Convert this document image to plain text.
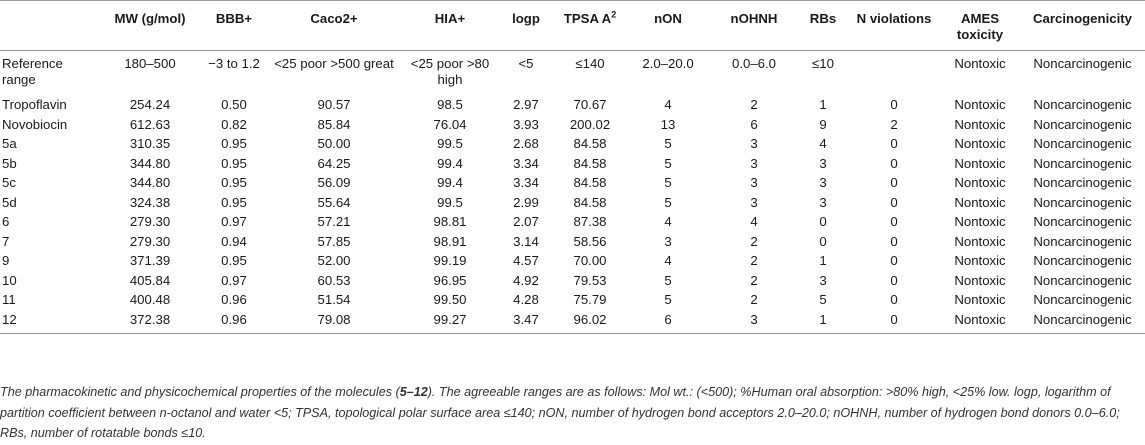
	MW (g/mol)	BBB+	Caco2+	HIA+	logp	TPSA $A^2$	nON	nOHNH	RBs	N violations	AMES toxicity	Carcinogenicity
Reference range	180–500	−3 to 1.2	<25 poor >500 great	<25 poor >80 high	<5	≤140	2.0–20.0	0.0–6.0	≤10		Nontoxic	Noncarcinogenic
Tropoflavin	254.24	0.50	90.57	98.5	2.97	70.67	4	2	1	0	Nontoxic	Noncarcinogenic
Novobiocin	612.63	0.82	85.84	76.04	3.93	200.02	13	6	9	2	Nontoxic	Noncarcinogenic
5a	310.35	0.95	50.00	99.5	2.68	84.58	5	3	4	0	Nontoxic	Noncarcinogenic
5b	344.80	0.95	64.25	99.4	3.34	84.58	5	3	3	0	Nontoxic	Noncarcinogenic
5c	344.80	0.95	56.09	99.4	3.34	84.58	5	3	3	0	Nontoxic	Noncarcinogenic
5d	324.38	0.95	55.64	99.5	2.99	84.58	5	3	3	0	Nontoxic	Noncarcinogenic
6	279.30	0.97	57.21	98.81	2.07	87.38	4	4	0	0	Nontoxic	Noncarcinogenic
7	279.30	0.94	57.85	98.91	3.14	58.56	3	2	0	0	Nontoxic	Noncarcinogenic
9	371.39	0.95	52.00	99.19	4.57	70.00	4	2	1	0	Nontoxic	Noncarcinogenic
10	405.84	0.97	60.53	96.95	4.92	79.53	5	2	3	0	Nontoxic	Noncarcinogenic
11	400.48	0.96	51.54	99.50	4.28	75.79	5	2	5	0	Nontoxic	Noncarcinogenic
12	372.38	0.96	79.08	99.27	3.47	96.02	6	3	1	0	Nontoxic	Noncarcinogenic
The pharmacokinetic and physicochemical properties of the molecules (5–12). The agreeable ranges are as follows: Mol wt.: (<500); %Human oral absorption: >80% high, <25% low. logp, logarithm of partition coefficient between n-octanol and water <5; TPSA, topological polar surface area ≤140; nON, number of hydrogen bond acceptors 2.0–20.0; nOHNH, number of hydrogen bond donors 0.0–6.0; RBs, number of rotatable bonds ≤10.
